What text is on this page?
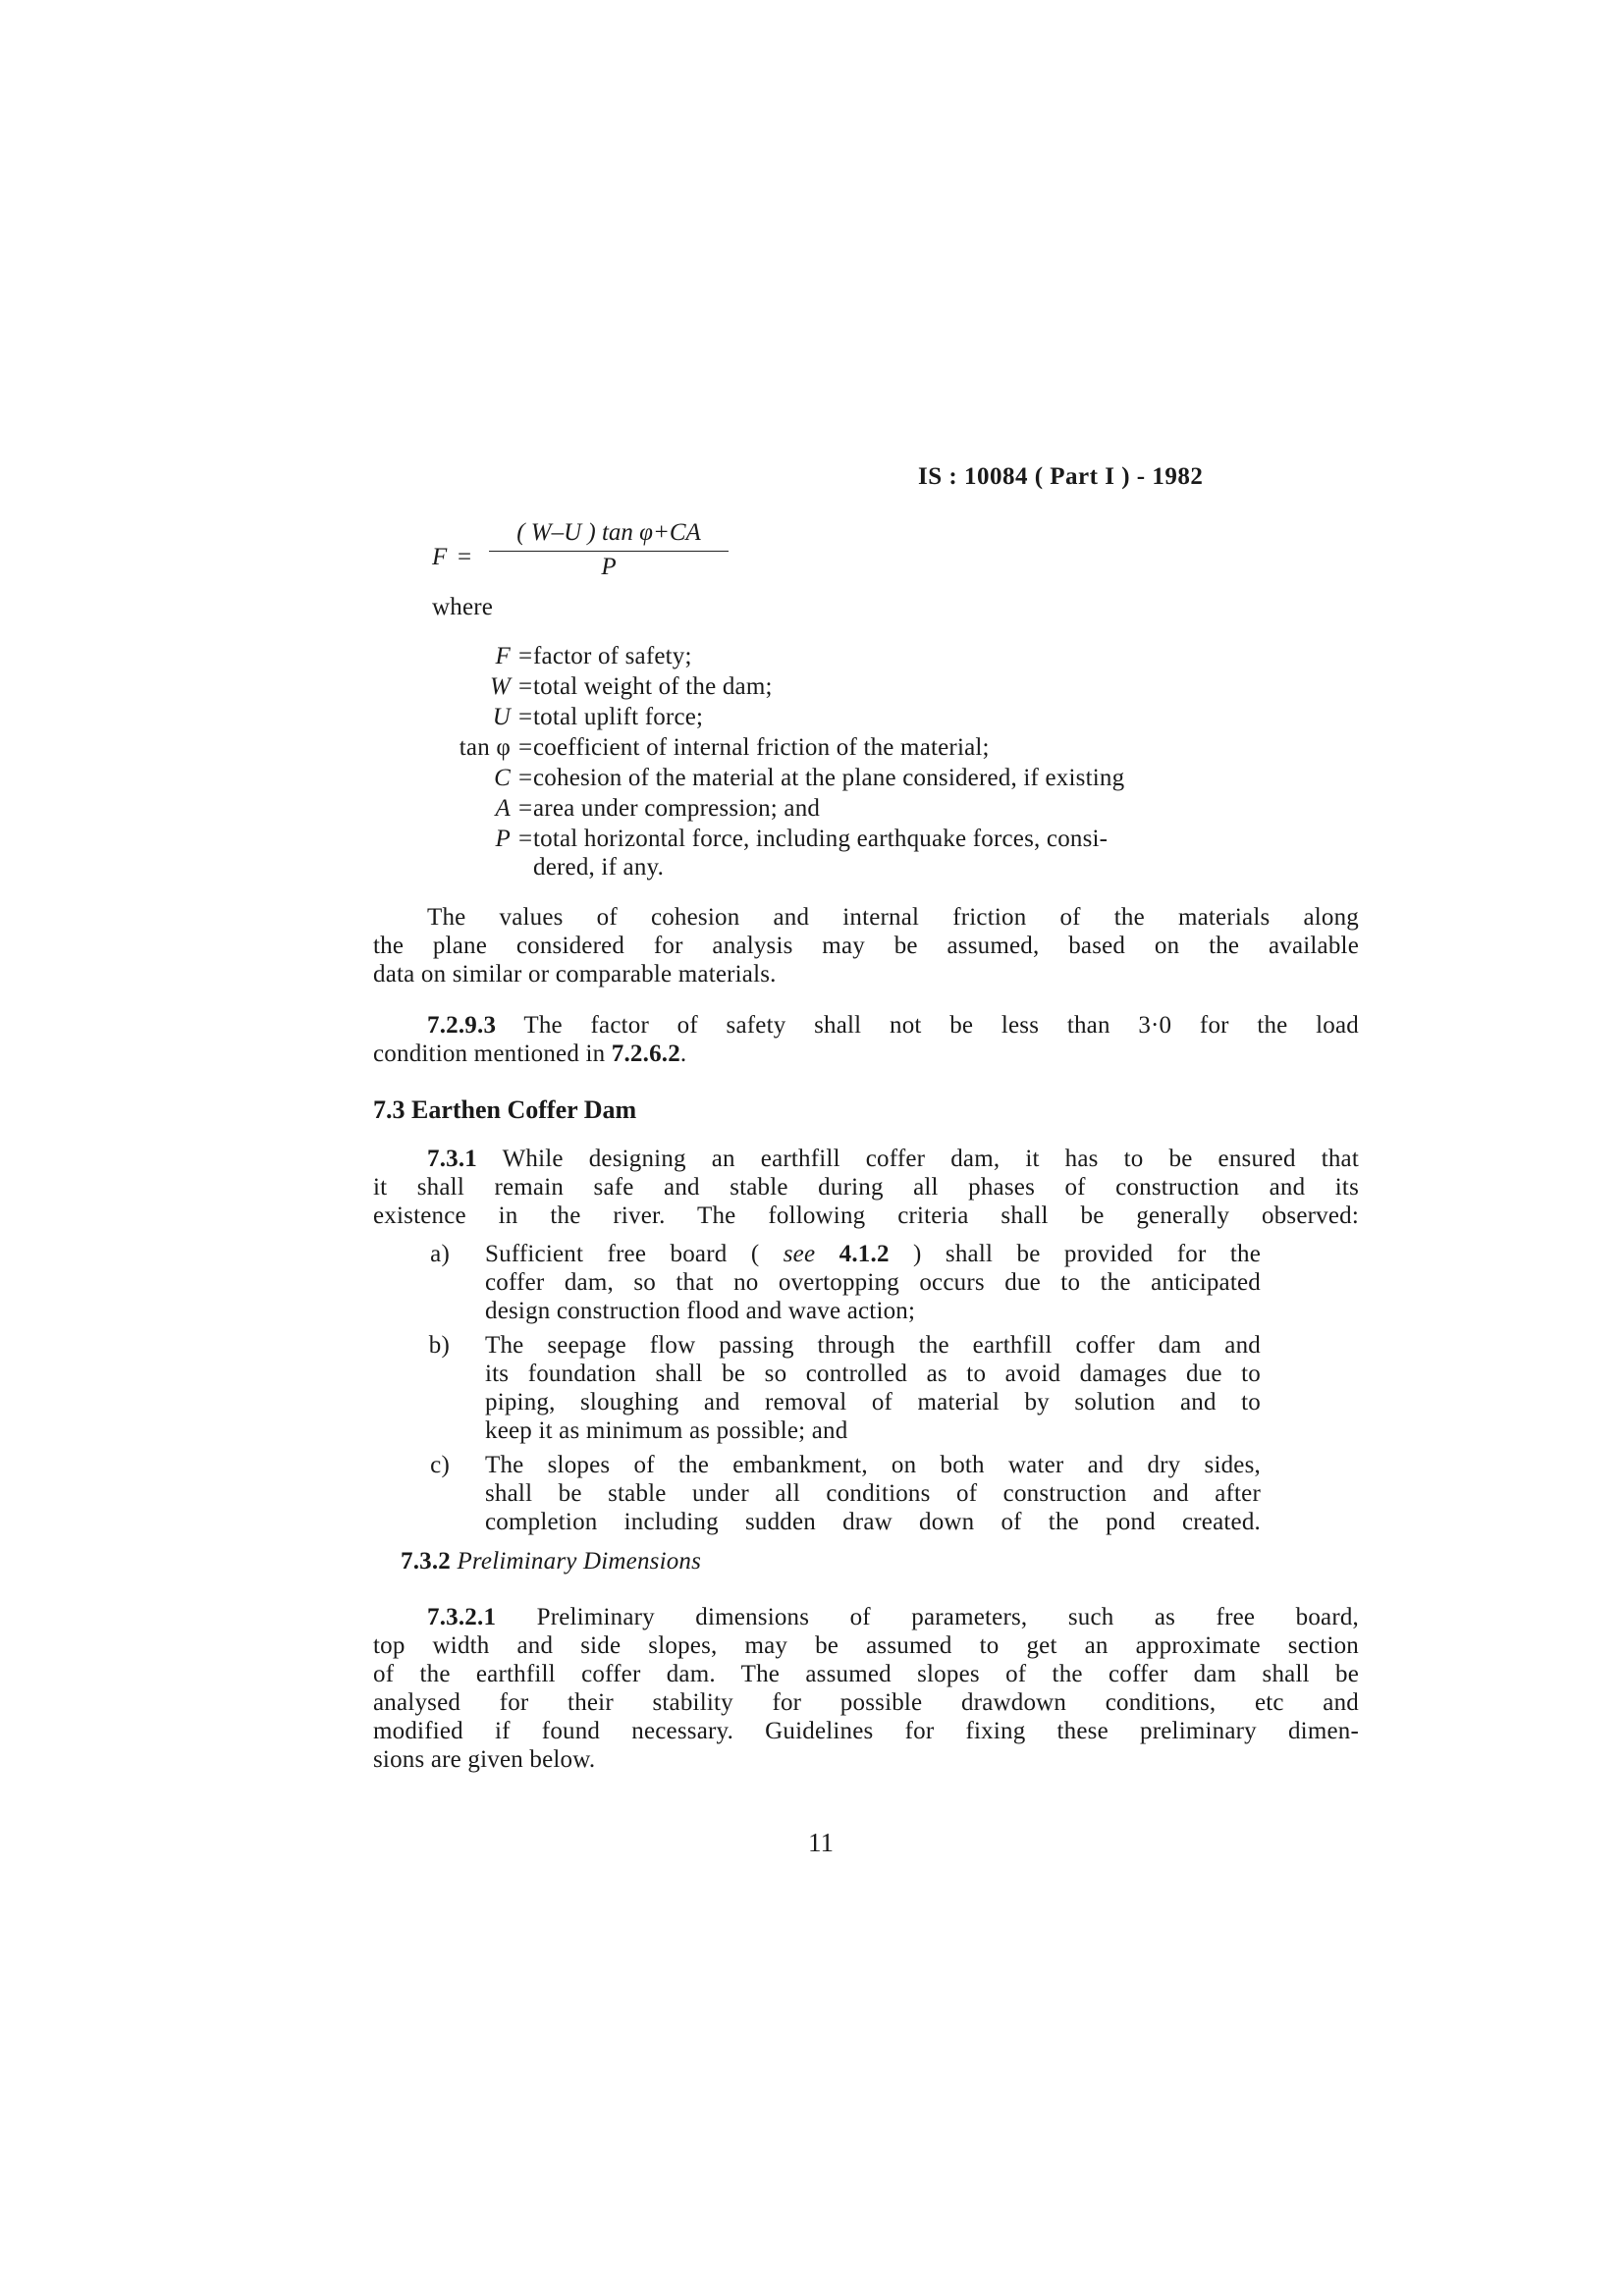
IS : 10084 ( Part I ) - 1982
F =
( W–U ) tan φ+CA
P
where
F = factor of safety;
W = total weight of the dam;
U = total uplift force;
tan φ = coefficient of internal friction of the material;
C = cohesion of the material at the plane considered, if existing
A = area under compression; and
P = total horizontal force, including earthquake forces, consi-
dered, if any.
The values of cohesion and internal friction of the materials along
the plane considered for analysis may be assumed, based on the available
data on similar or comparable materials.
7.2.9.3 The factor of safety shall not be less than 3·0 for the load
condition mentioned in 7.2.6.2.
7.3 Earthen Coffer Dam
7.3.1 While designing an earthfill coffer dam, it has to be ensured that
it shall remain safe and stable during all phases of construction and its
existence in the river. The following criteria shall be generally observed:
a) Sufficient free board ( see 4.1.2 ) shall be provided for the
coffer dam, so that no overtopping occurs due to the anticipated
design construction flood and wave action;
b) The seepage flow passing through the earthfill coffer dam and
its foundation shall be so controlled as to avoid damages due to
piping, sloughing and removal of material by solution and to
keep it as minimum as possible; and
c) The slopes of the embankment, on both water and dry sides,
shall be stable under all conditions of construction and after
completion including sudden draw down of the pond created.
7.3.2 Preliminary Dimensions
7.3.2.1 Preliminary dimensions of parameters, such as free board,
top width and side slopes, may be assumed to get an approximate section
of the earthfill coffer dam. The assumed slopes of the coffer dam shall be
analysed for their stability for possible drawdown conditions, etc and
modified if found necessary. Guidelines for fixing these preliminary dimen-
sions are given below.
11
